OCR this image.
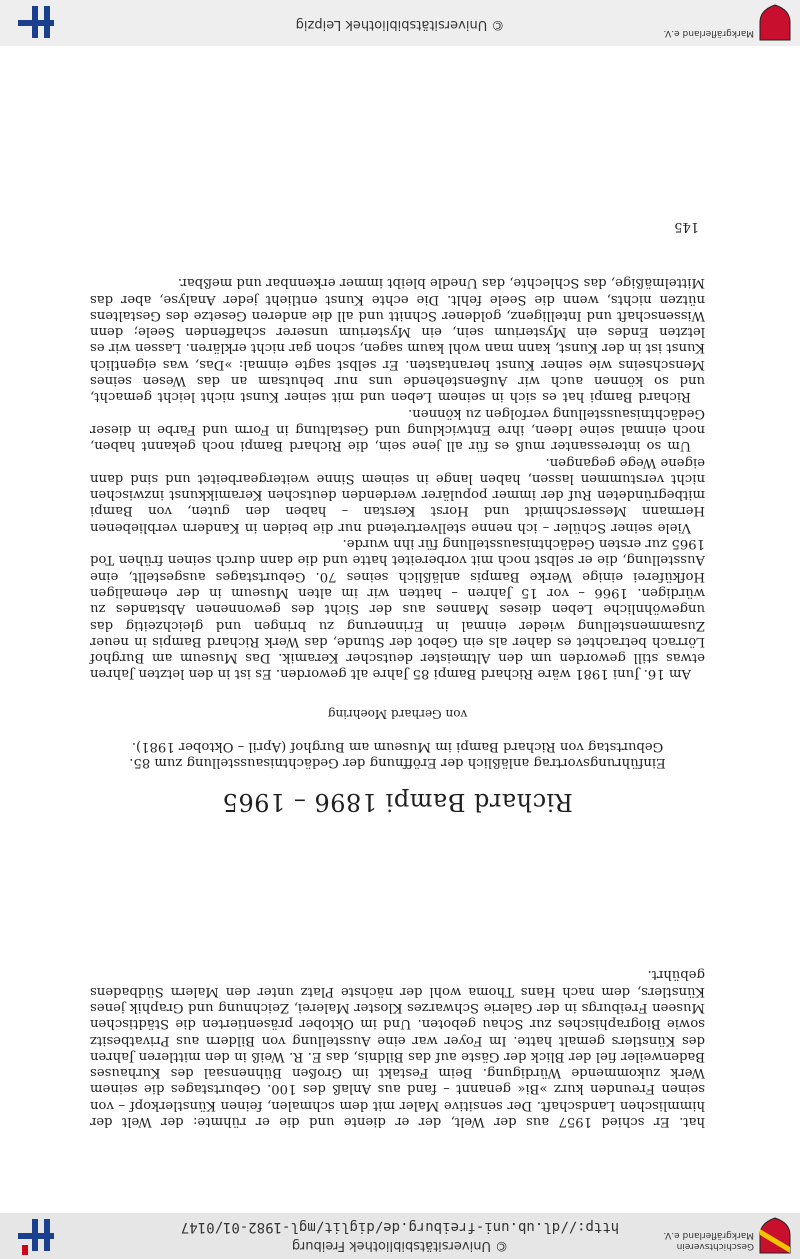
Geschichtsverein Markgräflerland e.V.
© Universitätsbibliothek Freiburg
http://dl.ub.uni-freiburg.de/diglit/mgl-1982-01/0147

hat. Er schied 1957 aus der Welt, der er diente und die er rühmte: der Welt der himmlischen Landschaft. Der sensitive Maler mit dem schmalen, feinen Künstlerkopf – von seinen Freunden kurz »Bi« genannt – fand aus Anlaß des 100. Geburtstages die seinem Werk zukommende Würdigung. Beim Festakt im Großen Bühnensaal des Kurhauses Badenweiler fiel der Blick der Gäste auf das Bildnis, das E. R. Weiß in den mittleren Jahren des Künstlers gemalt hatte. Im Foyer war eine Ausstellung von Bildern aus Privatbesitz sowie Biographisches zur Schau geboten. Und im Oktober präsentierten die Städtischen Museen Freiburgs in der Galerie Schwarzes Kloster Malerei, Zeichnung und Graphik jenes Künstlers, dem nach Hans Thoma wohl der nächste Platz unter den Malern Südbadens gebührt.

Richard Bampi 1896 – 1965
Einführungsvortrag anläßlich der Eröffnung der Gedächtnisausstellung zum 85. Geburtstag von Richard Bampi im Museum am Burghof (April – Oktober 1981).
von Gerhard Moehring

Am 16. Juni 1981 wäre Richard Bampi 85 Jahre alt geworden. Es ist in den letzten Jahren etwas still geworden um den Altmeister deutscher Keramik. Das Museum am Burghof Lörrach betrachtet es daher als ein Gebot der Stunde, das Werk Richard Bampis in neuer Zusammenstellung wieder einmal in Erinnerung zu bringen und gleichzeitig das ungewöhnliche Leben dieses Mannes aus der Sicht des gewonnenen Abstandes zu würdigen. 1966 – vor 15 Jahren – hatten wir im alten Museum in der ehemaligen Hofküferei einige Werke Bampis anläßlich seines 70. Geburtstages ausgestellt, eine Ausstellung, die er selbst noch mit vorbereitet hatte und die dann durch seinen frühen Tod 1965 zur ersten Gedächtnisausstellung für ihn wurde.

Viele seiner Schüler – ich nenne stellvertretend nur die beiden in Kandern verbliebenen Hermann Messerschmidt und Horst Kerstan – haben den guten, von Bampi mitbegründeten Ruf der immer populärer werdenden deutschen Keramikkunst inzwischen nicht verstummen lassen, haben lange in seinem Sinne weitergearbeitet und sind dann eigene Wege gegangen.

Um so interessanter muß es für all jene sein, die Richard Bampi noch gekannt haben, noch einmal seine Ideen, ihre Entwicklung und Gestaltung in Form und Farbe in dieser Gedächtnisausstellung verfolgen zu können.

Richard Bampi hat es sich in seinem Leben und mit seiner Kunst nicht leicht gemacht, und so können auch wir Außenstehende uns nur behutsam an das Wesen seines Menschseins wie seiner Kunst herantasten. Er selbst sagte einmal: »Das, was eigentlich Kunst ist in der Kunst, kann man wohl kaum sagen, schon gar nicht erklären. Lassen wir es letzten Endes ein Mysterium sein, ein Mysterium unserer schaffenden Seele; denn Wissenschaft und Intelligenz, goldener Schnitt und all die anderen Gesetze des Gestaltens nützen nichts, wenn die Seele fehlt. Die echte Kunst entlieht jeder Analyse, aber das Mittelmäßige, das Schlechte, das Unedle bleibt immer erkennbar und meßbar.

145
Markgräflerland e.V.
© Universitätsbibliothek Leipzig
